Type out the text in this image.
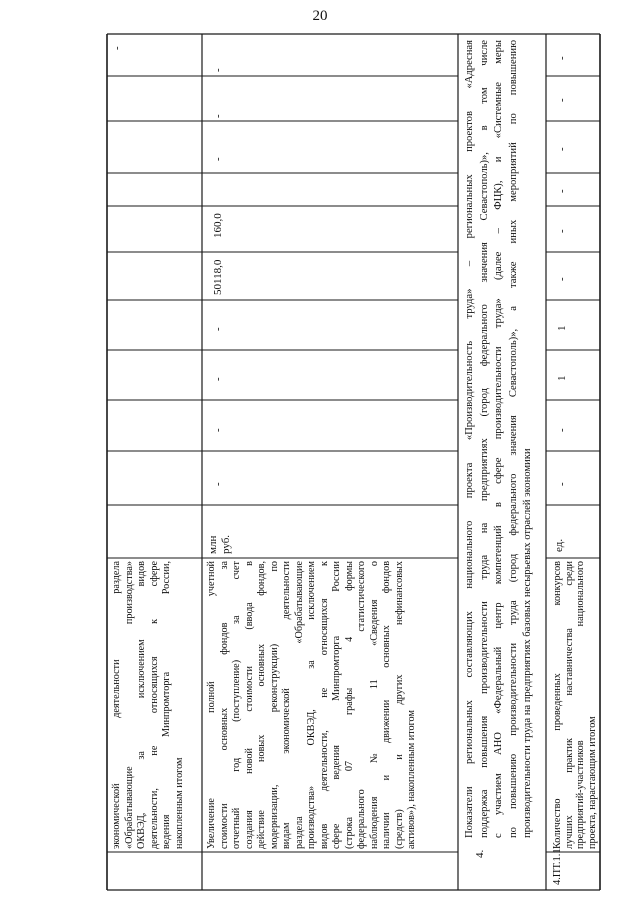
20
экономической деятельности раздела «Обрабатывающие производства» ОКВЭД, за исключением видов деятельности, не относящихся к сфере ведения Минпромторга России, накопленным итогом
-
Увеличение полной учетной стоимости основных фондов за отчетный год (поступление) за счет создания новой стоимости (ввода в действие новых основных фондов, модернизации, реконструкции) по видам экономической деятельности раздела «Обрабатывающие производства» ОКВЭД, за исключением видов деятельности, не относящихся к сфере ведения Минпромторга России (строка 07 графы 4 формы федерального статистического наблюдения № 11 «Сведения о наличии и движении основных фондов (средств) и других нефинансовых активов»), накопленным итогом
млн руб.
-
-
-
-
50
118,0
160,0
-
-
-
4.
Показатели региональных составляющих национального проекта «Производительность труда» – региональных проектов «Адресная поддержка повышения производительности труда на предприятиях (город федерального значения Севастополь)», в том числе с участием АНО «Федеральный центр компетенций в сфере производительности труда» (далее – ФЦК), и «Системные меры по повышению производительности труда (город федерального значения Севастополь)», а также иных мероприятий по повышению производительности труда на предприятиях базовых несырьевых отраслей экономики
4.ПТ.1.1
Количество проведенных конкурсов лучших практик наставничества среди предприятий-участников национального проекта, нарастающим итогом
ед.
-
-
1
1
-
-
-
-
-
-
